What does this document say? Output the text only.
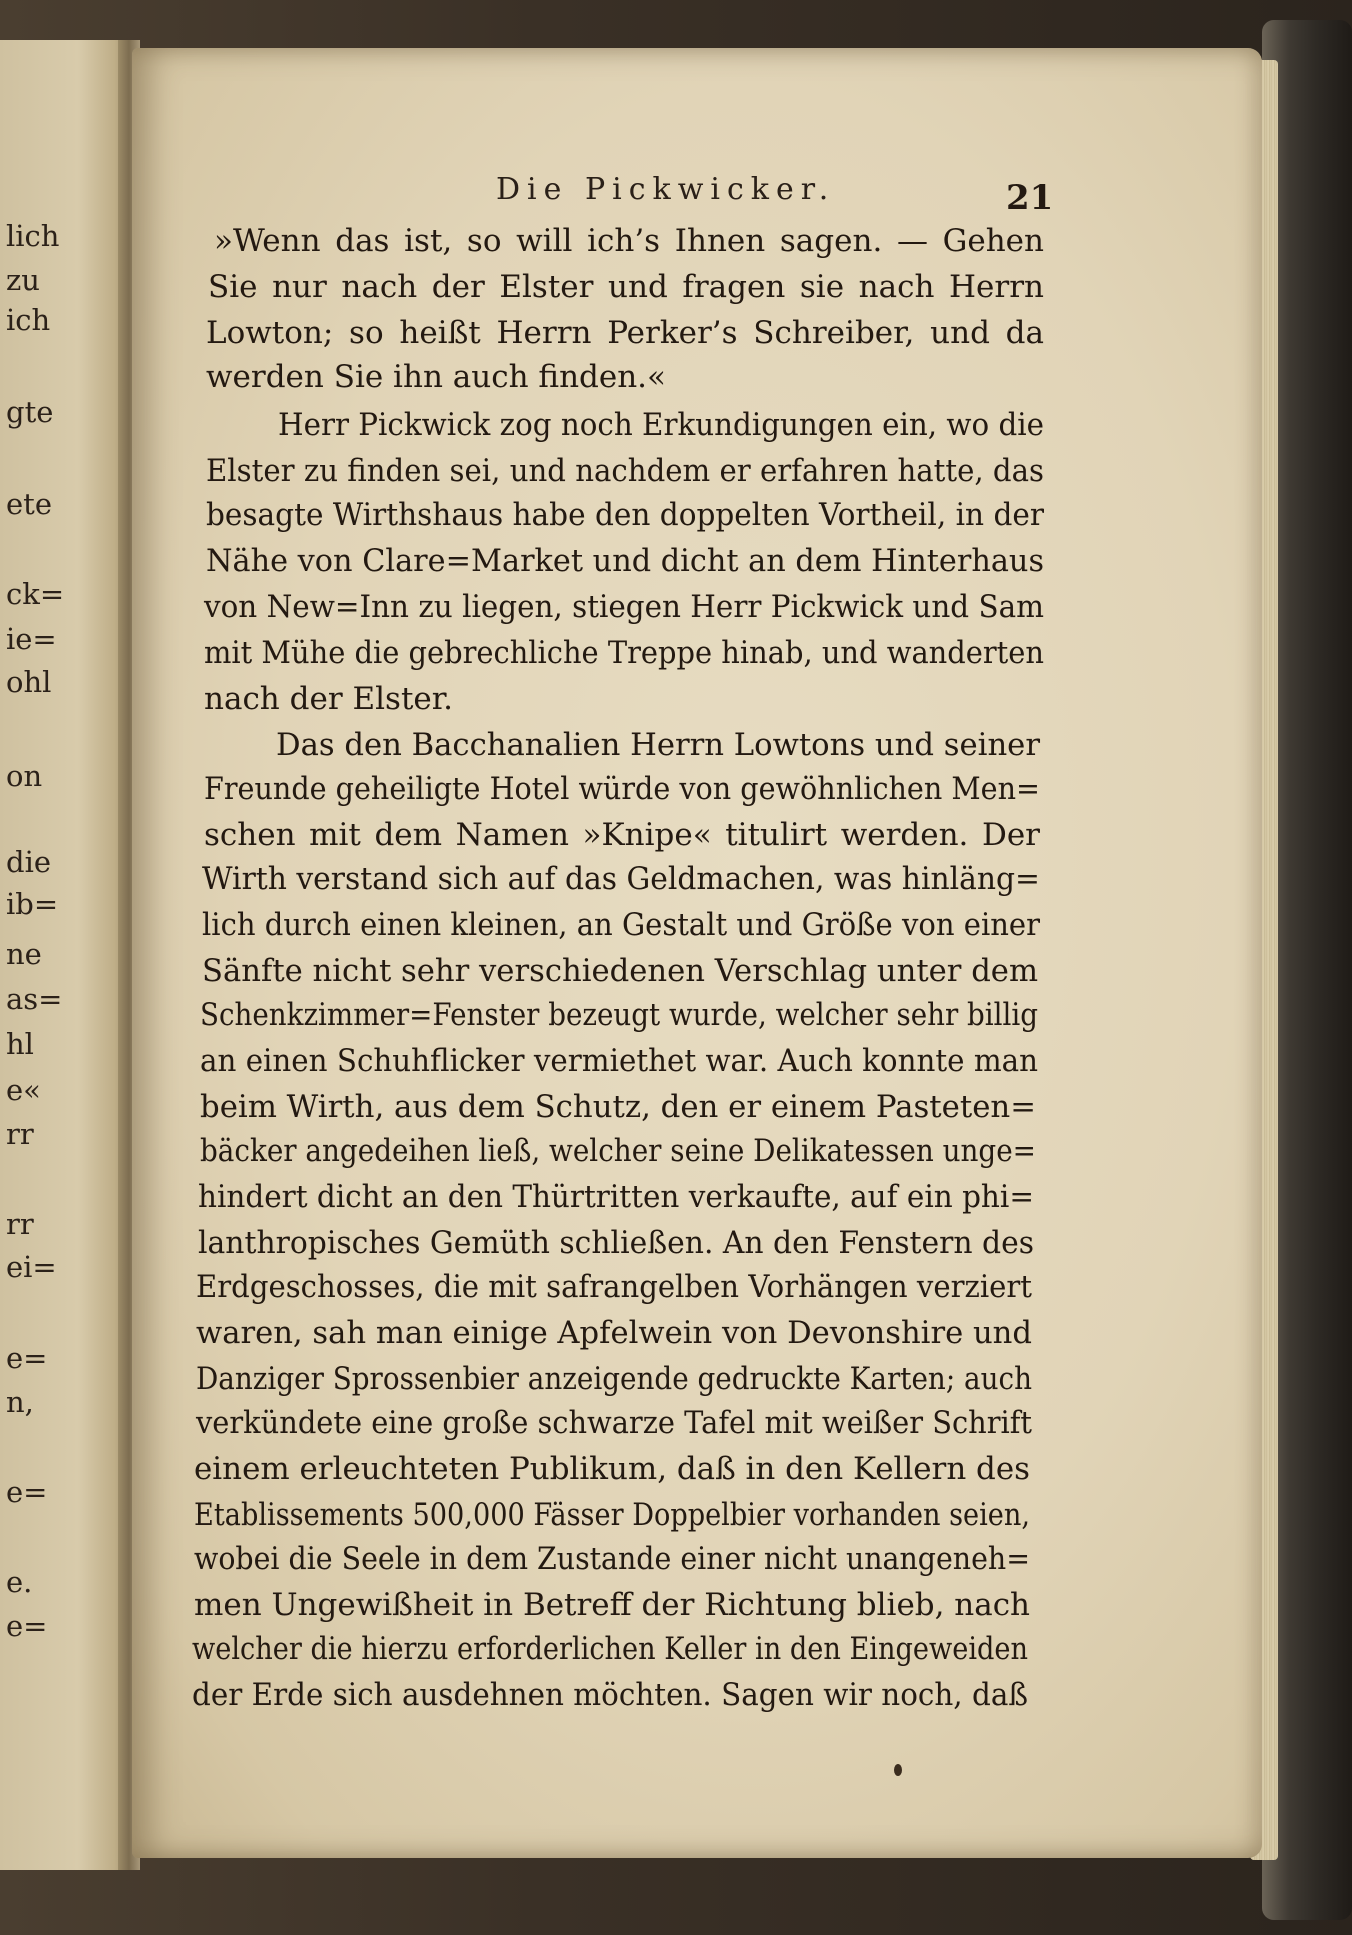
lich
zu
ich
gte
ete
ck=
ie=
ohl
on
die
ib=
ne
as=
hl
e«
rr
rr
ei=
e=
n,
e=
e.
e=
Die Pickwicker.	21
»Wenn das ist, so will ich’s Ihnen sagen. — Gehen
Sie nur nach der Elster und fragen sie nach Herrn
Lowton; so heißt Herrn Perker’s Schreiber, und da
werden Sie ihn auch finden.«
Herr Pickwick zog noch Erkundigungen ein, wo die
Elster zu finden sei, und nachdem er erfahren hatte, das
besagte Wirthshaus habe den doppelten Vortheil, in der
Nähe von Clare=Market und dicht an dem Hinterhaus
von New=Inn zu liegen, stiegen Herr Pickwick und Sam
mit Mühe die gebrechliche Treppe hinab, und wanderten
nach der Elster.
Das den Bacchanalien Herrn Lowtons und seiner
Freunde geheiligte Hotel würde von gewöhnlichen Men=
schen mit dem Namen »Knipe« titulirt werden. Der
Wirth verstand sich auf das Geldmachen, was hinläng=
lich durch einen kleinen, an Gestalt und Größe von einer
Sänfte nicht sehr verschiedenen Verschlag unter dem
Schenkzimmer=Fenster bezeugt wurde, welcher sehr billig
an einen Schuhflicker vermiethet war. Auch konnte man
beim Wirth, aus dem Schutz, den er einem Pasteten=
bäcker angedeihen ließ, welcher seine Delikatessen unge=
hindert dicht an den Thürtritten verkaufte, auf ein phi=
lanthropisches Gemüth schließen. An den Fenstern des
Erdgeschosses, die mit safrangelben Vorhängen verziert
waren, sah man einige Apfelwein von Devonshire und
Danziger Sprossenbier anzeigende gedruckte Karten; auch
verkündete eine große schwarze Tafel mit weißer Schrift
einem erleuchteten Publikum, daß in den Kellern des
Etablissements 500,000 Fässer Doppelbier vorhanden seien,
wobei die Seele in dem Zustande einer nicht unangeneh=
men Ungewißheit in Betreff der Richtung blieb, nach
welcher die hierzu erforderlichen Keller in den Eingeweiden
der Erde sich ausdehnen möchten. Sagen wir noch, daß
